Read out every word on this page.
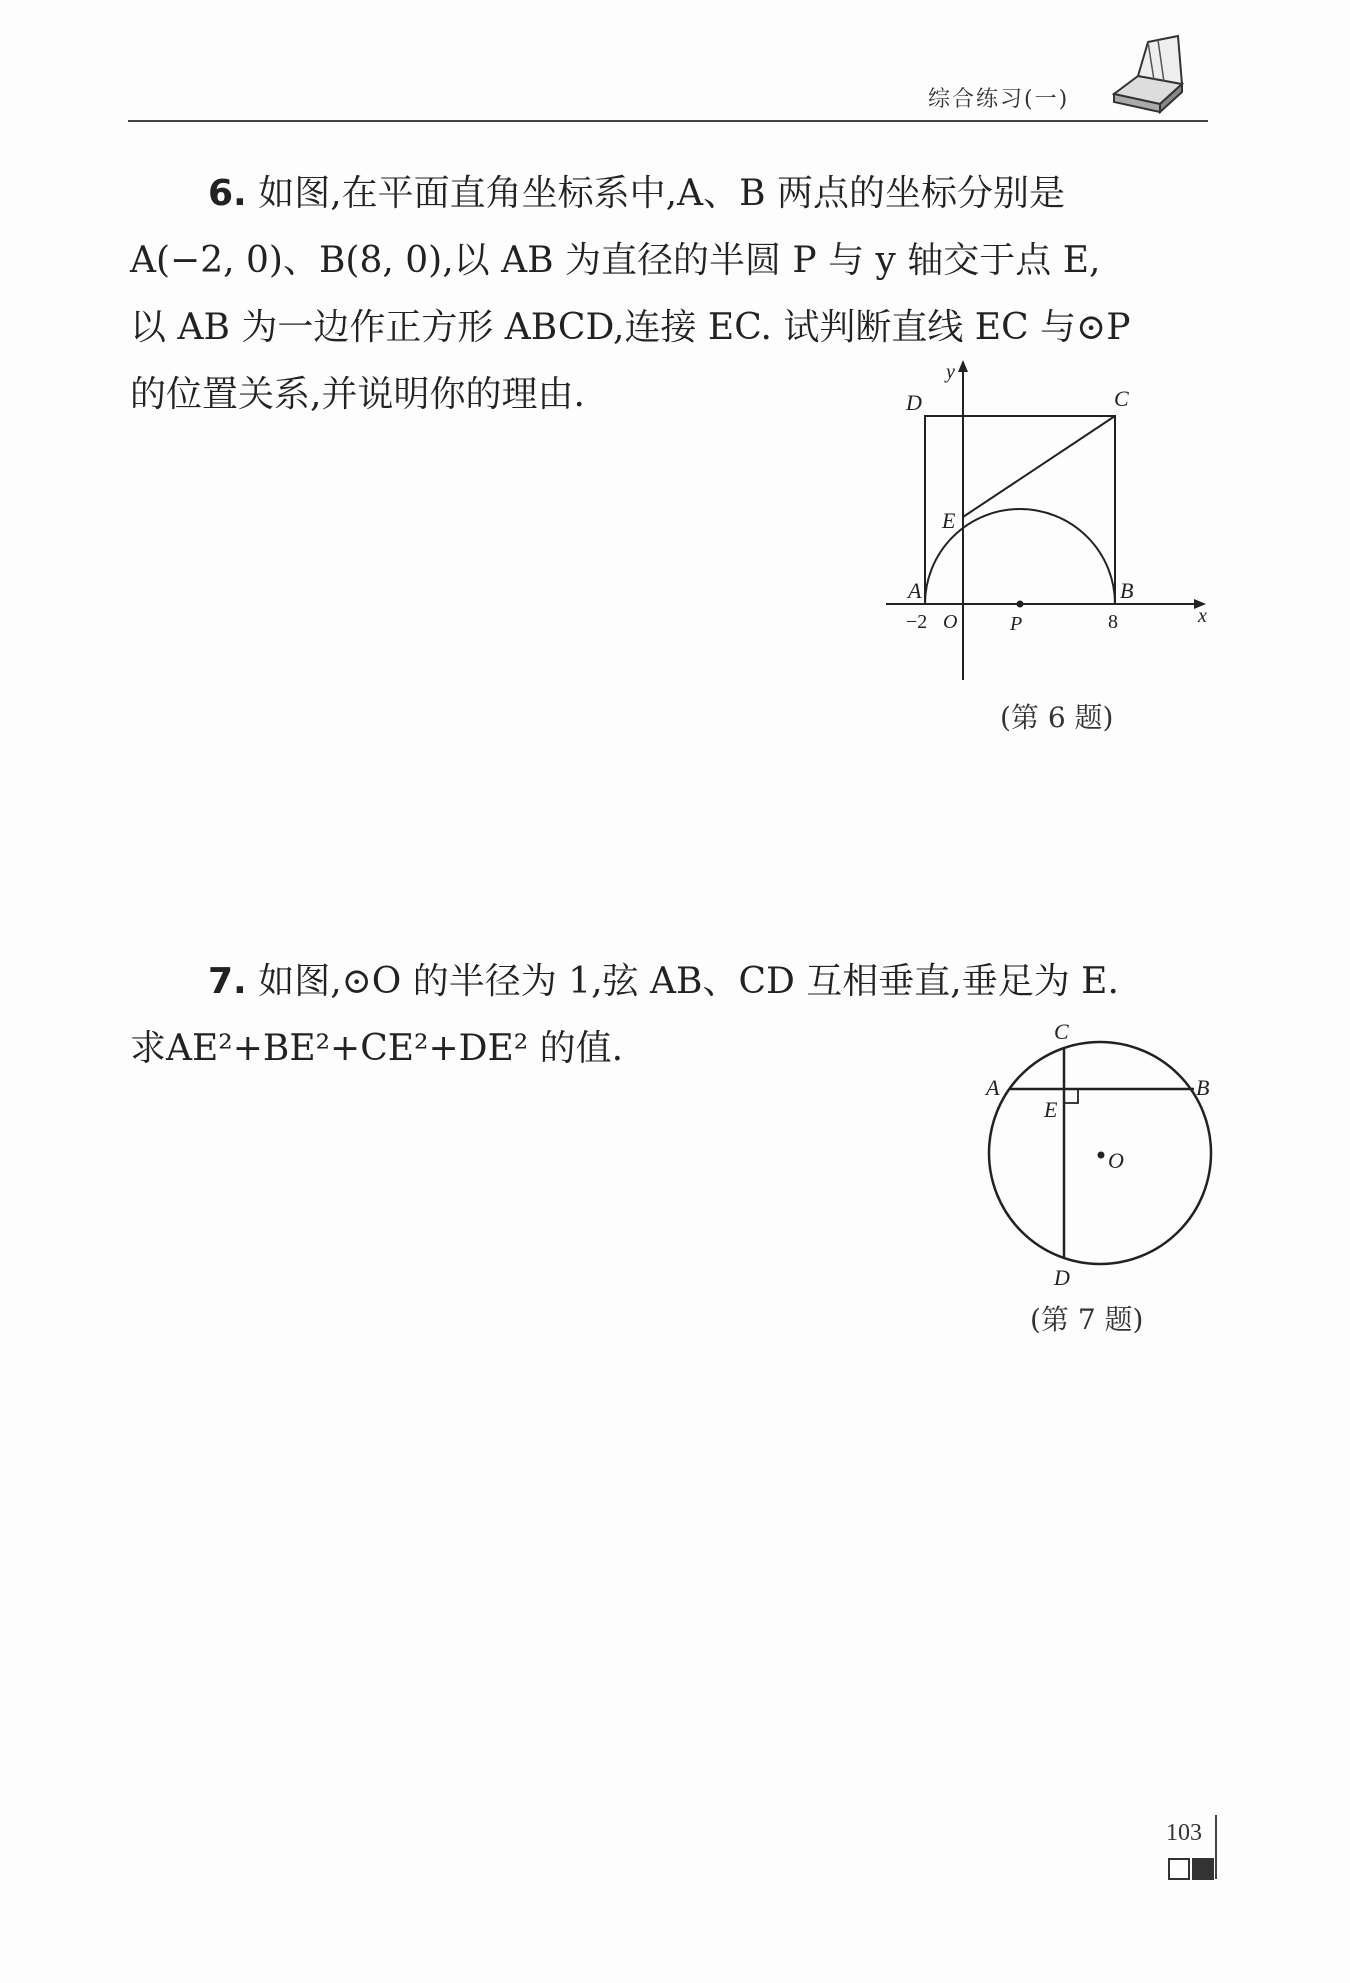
综合练习(一)
6. 如图,在平面直角坐标系中,A、B 两点的坐标分别是
A(−2, 0)、B(8, 0),以 AB 为直径的半圆 P 与 y 轴交于点 E,
以 AB 为一边作正方形 ABCD,连接 EC. 试判断直线 EC 与⊙P
的位置关系,并说明你的理由.	D	C
y
E
A	B
x
−2 O	P	8
(第 6 题)
7. 如图,⊙O 的半径为 1,弦 AB、CD 互相垂直,垂足为 E.
求AE²+BE²+CE²+DE² 的值.	C
A	B
E
O
D
(第 7 题)
103
